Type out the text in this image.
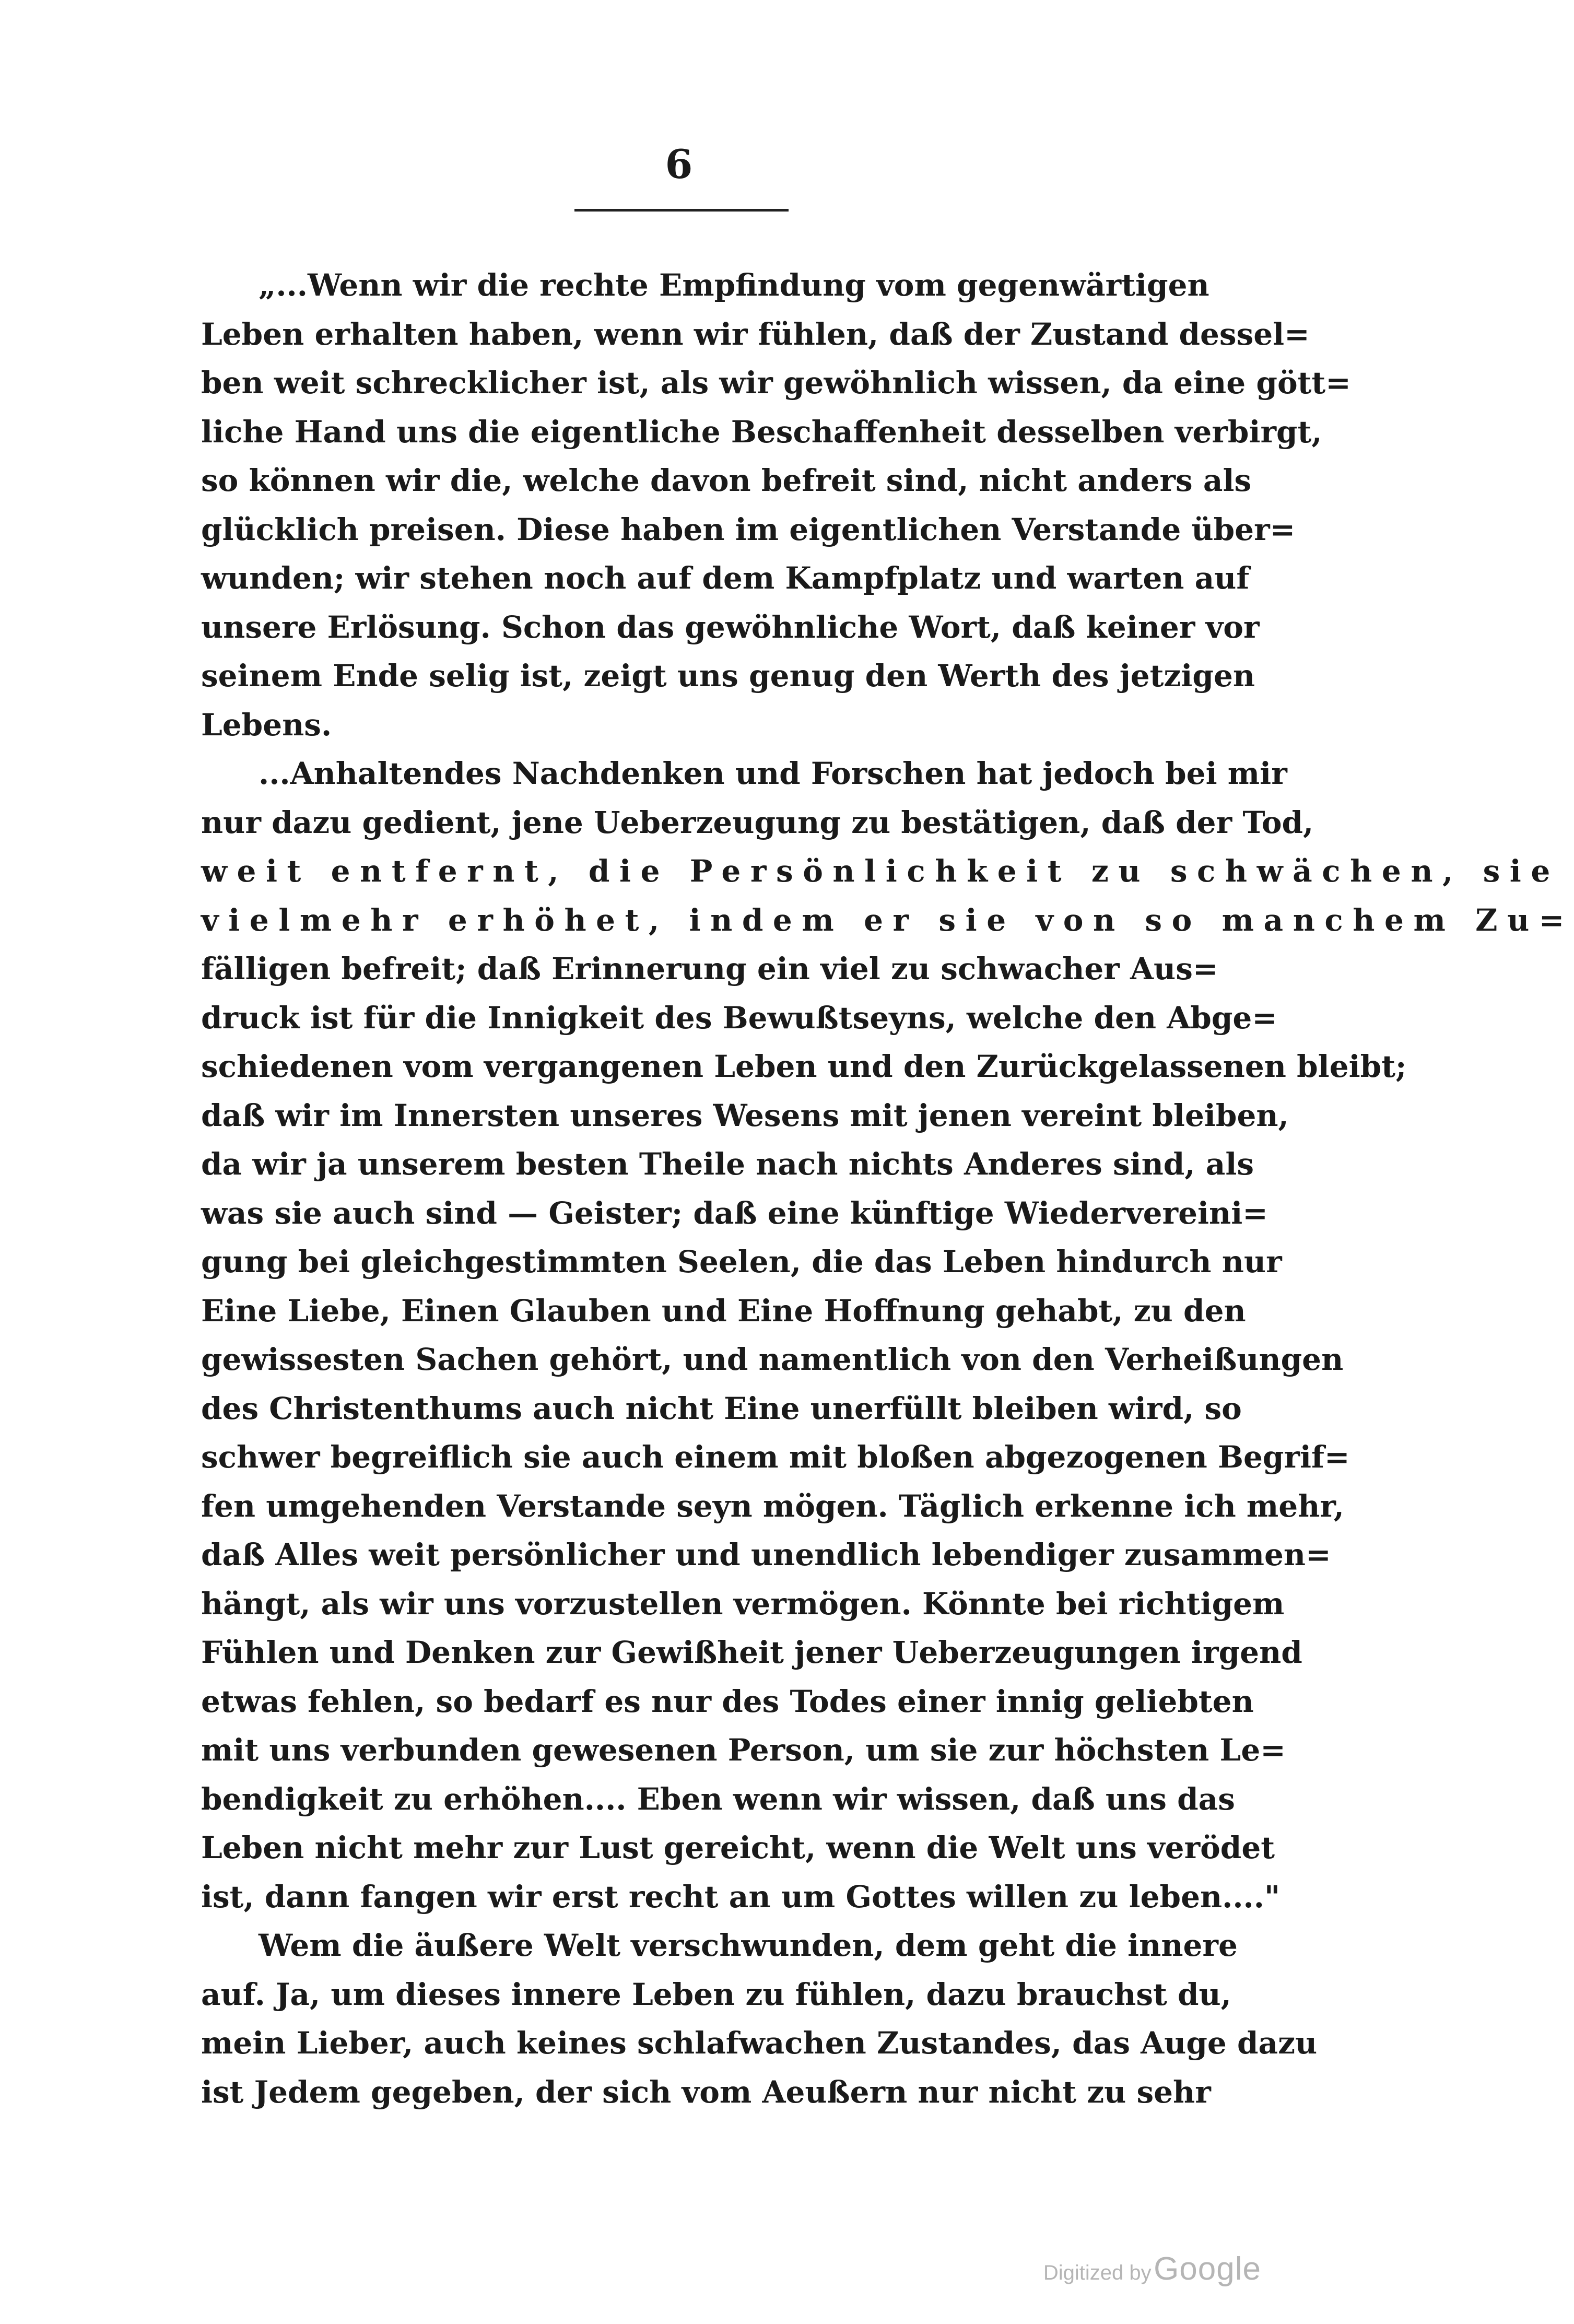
6
„...Wenn wir die rechte Empfindung vom gegenwärtigen
Leben erhalten haben, wenn wir fühlen, daß der Zustand dessel=
ben weit schrecklicher ist, als wir gewöhnlich wissen, da eine gött=
liche Hand uns die eigentliche Beschaffenheit desselben verbirgt,
so können wir die, welche davon befreit sind, nicht anders als
glücklich preisen. Diese haben im eigentlichen Verstande über=
wunden; wir stehen noch auf dem Kampfplatz und warten auf
unsere Erlösung. Schon das gewöhnliche Wort, daß keiner vor
seinem Ende selig ist, zeigt uns genug den Werth des jetzigen
Lebens.
...Anhaltendes Nachdenken und Forschen hat jedoch bei mir
nur dazu gedient, jene Ueberzeugung zu bestätigen, daß der Tod,
weit entfernt, die Persönlichkeit zu schwächen, sie
vielmehr erhöhet, indem er sie von so manchem Zu=
fälligen befreit; daß Erinnerung ein viel zu schwacher Aus=
druck ist für die Innigkeit des Bewußtseyns, welche den Abge=
schiedenen vom vergangenen Leben und den Zurückgelassenen bleibt;
daß wir im Innersten unseres Wesens mit jenen vereint bleiben,
da wir ja unserem besten Theile nach nichts Anderes sind, als
was sie auch sind — Geister; daß eine künftige Wiedervereini=
gung bei gleichgestimmten Seelen, die das Leben hindurch nur
Eine Liebe, Einen Glauben und Eine Hoffnung gehabt, zu den
gewissesten Sachen gehört, und namentlich von den Verheißungen
des Christenthums auch nicht Eine unerfüllt bleiben wird, so
schwer begreiflich sie auch einem mit bloßen abgezogenen Begrif=
fen umgehenden Verstande seyn mögen. Täglich erkenne ich mehr,
daß Alles weit persönlicher und unendlich lebendiger zusammen=
hängt, als wir uns vorzustellen vermögen. Könnte bei richtigem
Fühlen und Denken zur Gewißheit jener Ueberzeugungen irgend
etwas fehlen, so bedarf es nur des Todes einer innig geliebten
mit uns verbunden gewesenen Person, um sie zur höchsten Le=
bendigkeit zu erhöhen.... Eben wenn wir wissen, daß uns das
Leben nicht mehr zur Lust gereicht, wenn die Welt uns verödet
ist, dann fangen wir erst recht an um Gottes willen zu leben...."
Wem die äußere Welt verschwunden, dem geht die innere
auf. Ja, um dieses innere Leben zu fühlen, dazu brauchst du,
mein Lieber, auch keines schlafwachen Zustandes, das Auge dazu
ist Jedem gegeben, der sich vom Aeußern nur nicht zu sehr
Digitized by Google
